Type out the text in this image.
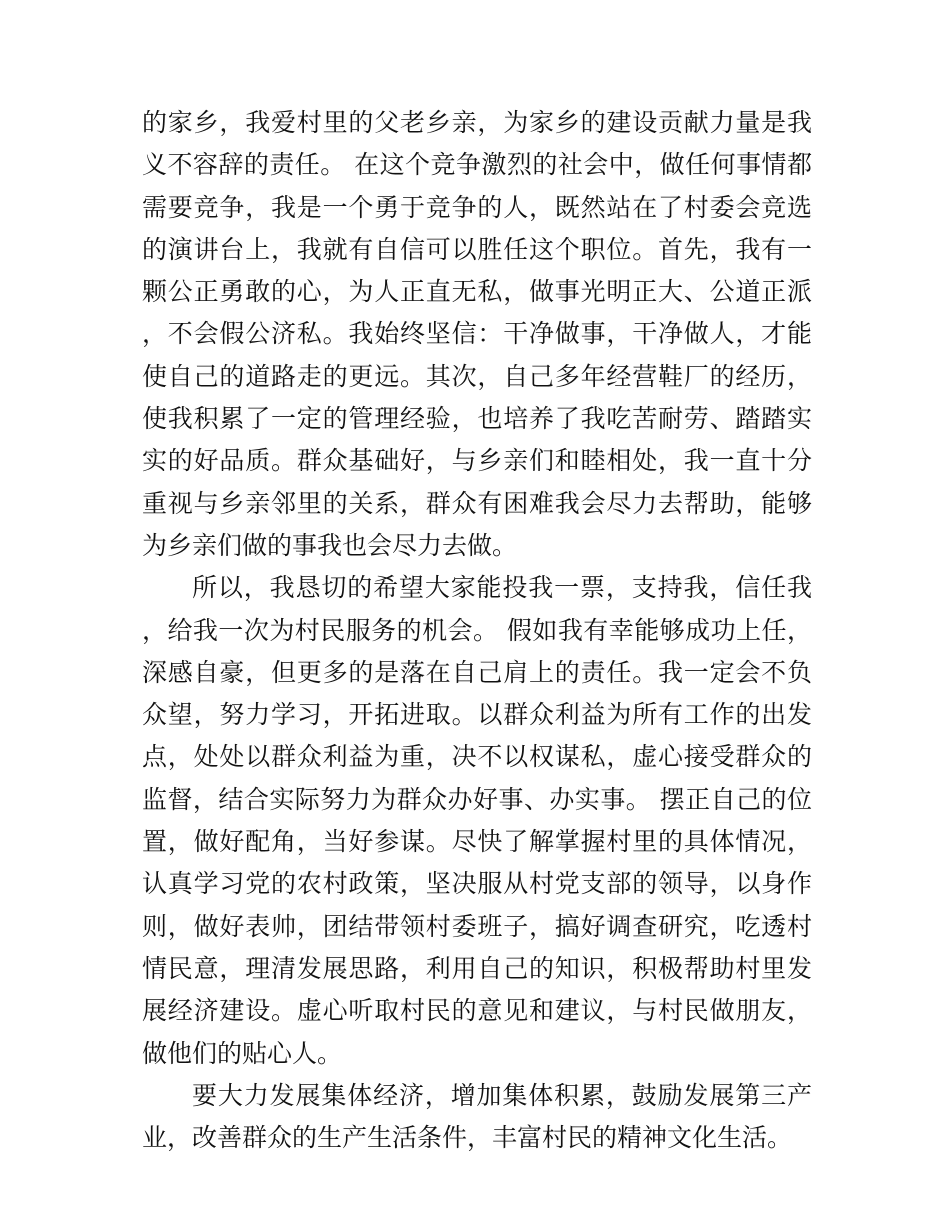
的家乡，我爱村里的父老乡亲，为家乡的建设贡献力量是我义不容辞的责任。 在这个竞争激烈的社会中，做任何事情都需要竞争，我是一个勇于竞争的人，既然站在了村委会竞选的演讲台上，我就有自信可以胜任这个职位。首先，我有一颗公正勇敢的心，为人正直无私，做事光明正大、公道正派，不会假公济私。我始终坚信：干净做事，干净做人，才能使自己的道路走的更远。其次，自己多年经营鞋厂的经历，使我积累了一定的管理经验，也培养了我吃苦耐劳、踏踏实实的好品质。群众基础好，与乡亲们和睦相处，我一直十分重视与乡亲邻里的关系，群众有困难我会尽力去帮助，能够为乡亲们做的事我也会尽力去做。

所以，我恳切的希望大家能投我一票，支持我，信任我，给我一次为村民服务的机会。 假如我有幸能够成功上任，深感自豪，但更多的是落在自己肩上的责任。我一定会不负众望，努力学习，开拓进取。以群众利益为所有工作的出发点，处处以群众利益为重，决不以权谋私，虚心接受群众的监督，结合实际努力为群众办好事、办实事。 摆正自己的位置，做好配角，当好参谋。尽快了解掌握村里的具体情况，认真学习党的农村政策，坚决服从村党支部的领导，以身作则，做好表帅，团结带领村委班子，搞好调查研究，吃透村情民意，理清发展思路，利用自己的知识，积极帮助村里发展经济建设。虚心听取村民的意见和建议，与村民做朋友，做他们的贴心人。

要大力发展集体经济，增加集体积累，鼓励发展第三产业，改善群众的生产生活条件，丰富村民的精神文化生活。
